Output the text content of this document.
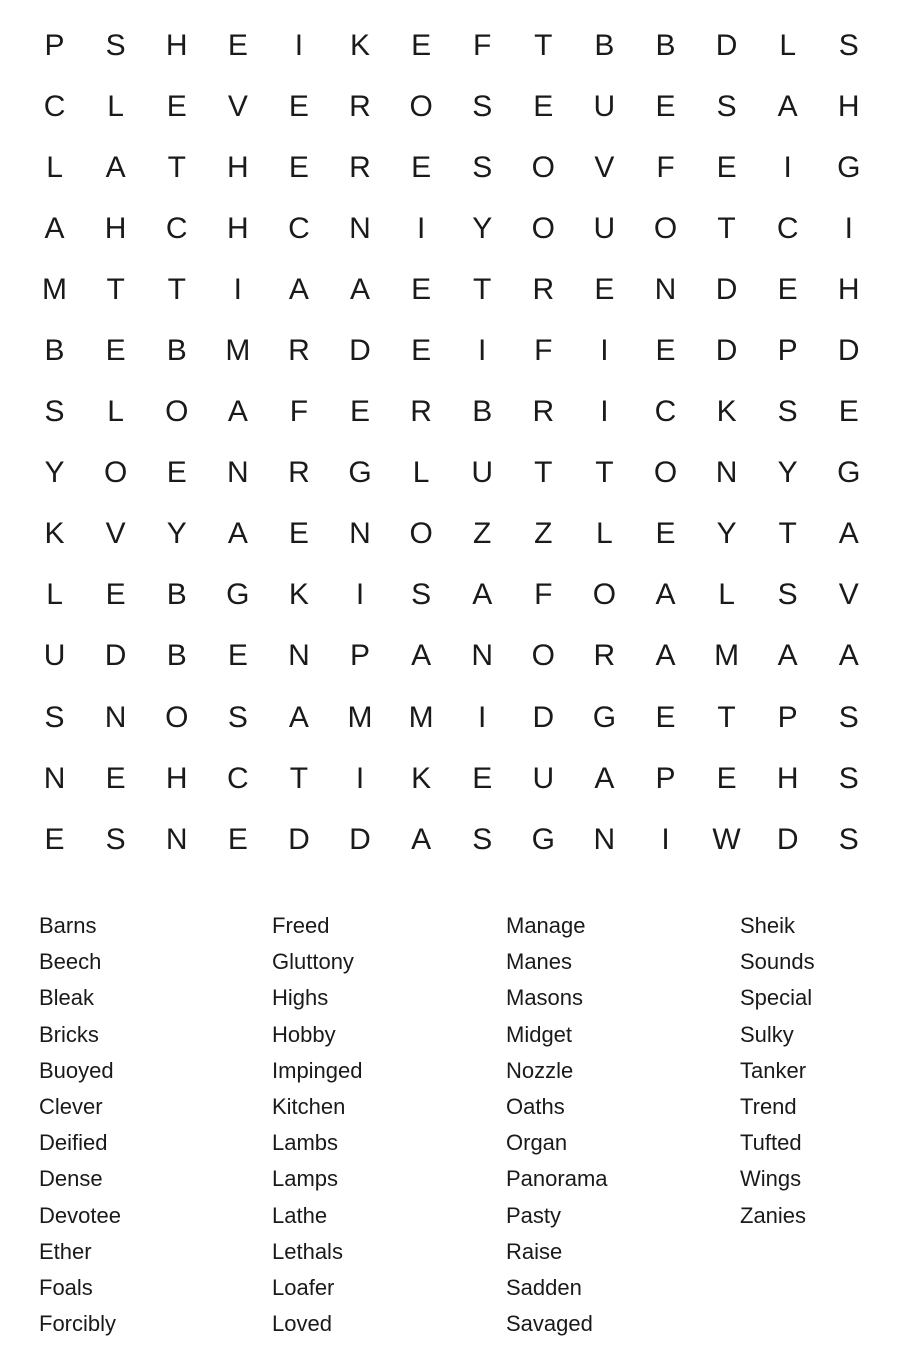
P	S	H	E	I	K	E	F	T	B	B	D	L	S
C	L	E	V	E	R	O	S	E	U	E	S	A	H
L	A	T	H	E	R	E	S	O	V	F	E	I	G
A	H	C	H	C	N	I	Y	O	U	O	T	C	I
M	T	T	I	A	A	E	T	R	E	N	D	E	H
B	E	B	M	R	D	E	I	F	I	E	D	P	D
S	L	O	A	F	E	R	B	R	I	C	K	S	E
Y	O	E	N	R	G	L	U	T	T	O	N	Y	G
K	V	Y	A	E	N	O	Z	Z	L	E	Y	T	A
L	E	B	G	K	I	S	A	F	O	A	L	S	V
U	D	B	E	N	P	A	N	O	R	A	M	A	A
S	N	O	S	A	M	M	I	D	G	E	T	P	S
N	E	H	C	T	I	K	E	U	A	P	E	H	S
E	S	N	E	D	D	A	S	G	N	I	W	D	S
Barns
Beech
Bleak
Bricks
Buoyed
Clever
Deified
Dense
Devotee
Ether
Foals
Forcibly
Freed
Gluttony
Highs
Hobby
Impinged
Kitchen
Lambs
Lamps
Lathe
Lethals
Loafer
Loved
Manage
Manes
Masons
Midget
Nozzle
Oaths
Organ
Panorama
Pasty
Raise
Sadden
Savaged
Sheik
Sounds
Special
Sulky
Tanker
Trend
Tufted
Wings
Zanies
